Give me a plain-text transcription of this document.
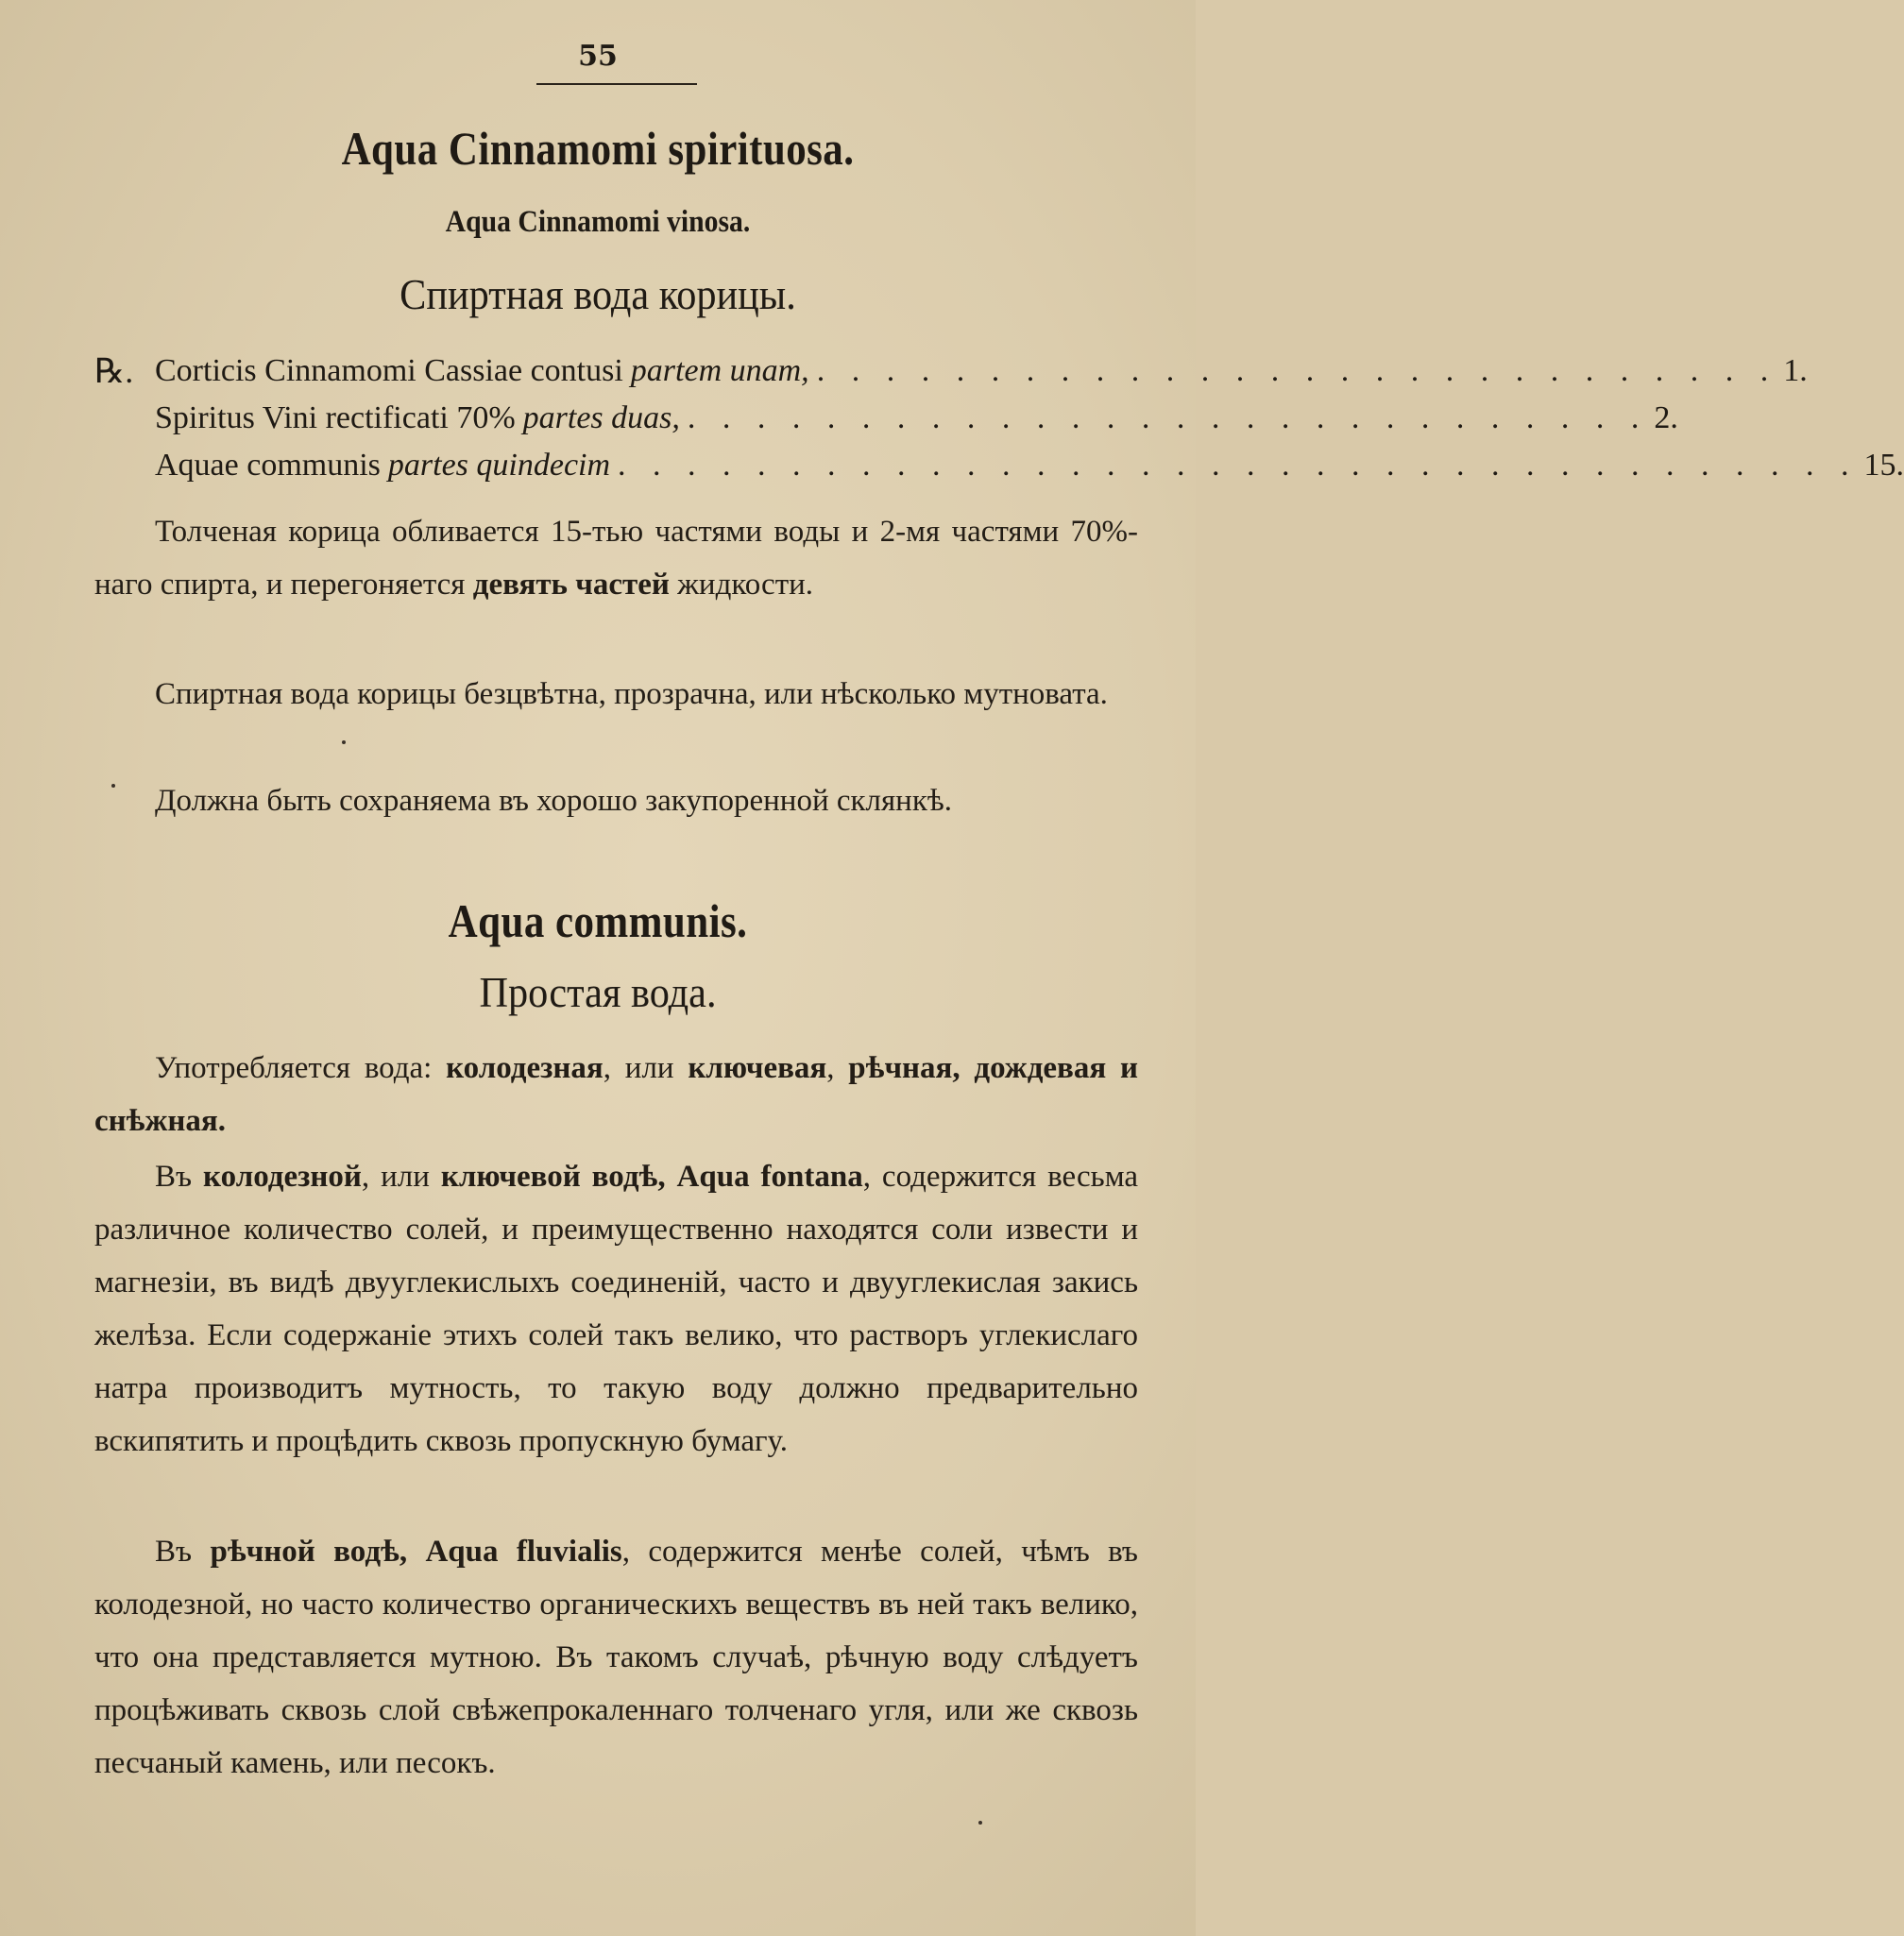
55
Aqua Cinnamomi spirituosa.
Aqua Cinnamomi vinosa.
Спиртная вода корицы.
℞. Corticis Cinnamomi Cassiae contusi partem unam, . . . . . . . . . . . . . . . . . . . . . . . . . . . . 1.
Spiritus Vini rectificati 70% partes duas, . . . . . . . . . . . . . . . . . . . . . . . . . . . . 2.
Aquae communis partes quindecim . . . . . . . . . . . . . . . . . . . . . . . . . . . . . . . . . . . . 15.

Толченая корица обливается 15-тью частями воды и 2-мя частями 70%-наго спирта, и перегоняется девять частей жидкости.

Спиртная вода корицы безцвѣтна, прозрачна, или нѣсколько мутновата.

Должна быть сохраняема въ хорошо закупоренной склянкѣ.

Aqua communis.
Простая вода.

Употребляется вода: колодезная, или ключевая, рѣчная, дождевая и снѣжная.

Въ колодезной, или ключевой водѣ, Aqua fontana, содержится весьма различное количество солей, и преимущественно находятся соли извести и магнезіи, въ видѣ двууглекислыхъ соединеній, часто и двууглекислая закись желѣза. Если содержаніе этихъ солей такъ велико, что растворъ углекислаго натра производитъ мутность, то такую воду должно предварительно вскипятить и процѣдить сквозь пропускную бумагу.

Въ рѣчной водѣ, Aqua fluvialis, содержится менѣе солей, чѣмъ въ колодезной, но часто количество органическихъ веществъ въ ней такъ велико, что она представляется мутною. Въ такомъ случаѣ, рѣчную воду слѣдуетъ процѣживать сквозь слой свѣжепрокаленнаго толченаго угля, или же сквозь песчаный камень, или песокъ.
